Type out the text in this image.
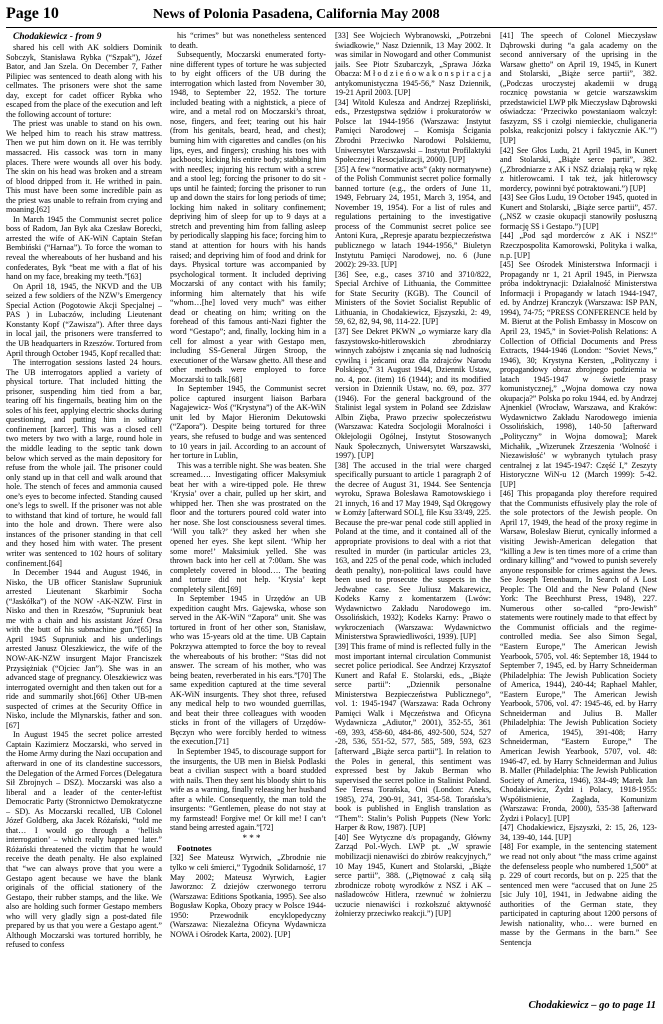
Page 10	News of Polonia Pasadena, California May 2008

Chodakiewicz - from 9

shared his cell with AK soldiers Dominik Sobczyk, Stanisława Rybka (“Szpak”), Józef Bator, and Jan Szela. On December 7, Father Pilipiec was sentenced to death along with his cellmates. The prisoners were shot the same day, except for cadet officer Rybka who escaped from the place of the execution and left the following account of torture:

The priest was unable to stand on his own. We helped him to reach his straw mattress. Then we put him down on it. He was terribly massacred. His cassock was torn in many places. There were wounds all over his body. The skin on his head was broken and a stream of blood dripped from it. He writhed in pain. This must have been some incredible pain as the priest was unable to refrain from crying and moaning.[62]

In March 1945 the Communist secret police boss of Radom, Jan Byk aka Czesław Borecki, arrested the wife of AK-WiN Captain Stefan Bembiński (“Harnaa”). To force the woman to reveal the whereabouts of her husband and his confederates, Byk “beat me with a flat of his hand on my face, breaking my teeth.”[63]

On April 18, 1945, the NKVD and the UB seized a few soldiers of the NZW’s Emergency Special Action (Pogotowie Akcji Specjalnej – PAS ) in Lubaczów, including Lieutenant Konstanty Kopf (“Zawisza”). After three days in local jail, the prisoners were transferred to the UB headquarters in Rzeszów. Tortured from April through October 1945, Kopf recalled that:

The interrogation sessions lasted 24 hours. The UB interrogators applied a variety of physical torture. That included hitting the prisoner, suspending him tied from a bar, tearing off his fingernails, beating him on the soles of his feet, applying electric shocks during questioning, and putting him in solitary confinement [karcer]. This was a closed cell two meters by two with a large, round hole in the middle leading to the septic tank down below which served as the main depository for refuse from the whole jail. The prisoner could only stand up in that cell and walk around that hole. The stench of feces and ammonia caused one’s eyes to become infected. Standing caused one’s legs to swell. If the prisoner was not able to withstand that kind of torture, he would fall into the hole and drown. There were also instances of the prisoner standing in that cell and they hosed him with water. The present writer was sentenced to 102 hours of solitary confinement.[64]

In December 1944 and August 1946, in Nisko, the UB officer Stanisław Supruniuk arrested Lieutenant Skarbimir Socha (“Jaskółka”) of the NOW -AK-NZW. First in Nisko and then in Rzeszów, “Supruniuk beat me with a chain and his assistant Józef Orsa with the butt of his submachine gun.”[65] In April 1945 Supruniuk and his underlings arrested Janusz Oleszkiewicz, the wife of the NOW-AK-NZW insurgent Major Franciszek Przysiężniak (“Ojciec Jan”). She was in an advanced stage of pregnancy. Oleszkiewicz was interrogated overnight and then taken out for a ride and summarily shot.[66] Other UB-men suspected of crimes at the Security Office in Nisko, include the Mlynarskis, father and son.[67]

In August 1945 the secret police arrested Captain Kazimierz Moczarski, who served in the Home Army during the Nazi occupation and afterward in one of its clandestine successors, the Delegation of the Armed Forces (Delegatura Sił Zbrojnych – DSZ). Moczarski was also a liberal and a leader of the center-leftist Democratic Party (Stronnictwo Demokratyczne – SD). As Moczarski recalled, UB Colonel Józef Goldberg, aka Jacek Różański, “told me that… I would go through a ‘hellish interrogation’ – which really happened later.” Różański threatened the victim that he would receive the death penalty. He also explained that “we can always prove that you were a Gestapo agent because we have the blank originals of the official stationery of the Gestapo, their rubber stamps, and the like. We also are holding such former Gestapo members who will very gladly sign a post-dated file prepared by us that you were a Gestapo agent.” Although Moczarski was tortured horribly, he refused to confess

his “crimes” but was nonetheless sentenced to death.

Subsequently, Moczarski enumerated forty-nine different types of torture he was subjected to by eight officers of the UB during the interrogation which lasted from November 30, 1948, to September 22, 1952. The torture included beating with a nightstick, a piece of wire, and a metal rod on Moczarski’s throat, nose, fingers, and feet; tearing out his hair (from his genitals, beard, head, and chest); burning him with cigarettes and candles (on his lips, eyes, and fingers); crushing his toes with jackboots; kicking his entire body; stabbing him with needles; injuring his rectum with a screw and a stool leg; forcing the prisoner to do sit -ups until he fainted; forcing the prisoner to run up and down the stairs for long periods of time; locking him naked in solitary confinement; depriving him of sleep for up to 9 days at a stretch and preventing him from falling asleep by periodically slapping his face; forcing him to stand at attention for hours with his hands raised; and depriving him of food and drink for days. Physical torture was accompanied by psychological torment. It included depriving Moczarski of any contact with his family; informing him alternately that his wife “whom…[he] loved very much” was either dead or cheating on him; writing on the forehead of this famous anti-Nazi fighter the word “Gestapo”; and, finally, locking him in a cell for almost a year with Gestapo men, including SS-General Jürgen Stroop, the executioner of the Warsaw ghetto. All these and other methods were employed to force Moczarski to talk.[68]

In September 1945, the Communist secret police captured insurgent liaison Barbara Nagajewicz- Woś (“Krystyna”) of the AK-WiN unit led by Major Hieronim Dekutowski (“Zapora”). Despite being tortured for three years, she refused to budge and was sentenced to 10 years in jail. According to an account of her torture in Lublin,

This was a terrible night. She was beaten. She screamed…. Investigating officer Maksymiuk beat her with a wire-tipped pole. He threw ‘Krysia’ over a chair, pulled up her skirt, and whipped her. Then she was prostrated on the floor and the torturers poured cold water into her nose. She lost consciousness several times. ‘Will you talk?’ they asked her when she opened her eyes. She kept silent. ‘Whip her some more!’ Maksimiuk yelled. She was thrown back into her cell at 7:00am. She was completely covered in blood…. The beating and torture did not help. ‘Krysia’ kept completely silent.[69]

In September 1945 in Urzędów an UB expedition caught Mrs. Gajewska, whose son served in the AK-WiN “Zapora” unit. She was tortured in front of her other son, Stanisław, who was 15-years old at the time. UB Captain Pokrzywa attempted to force the boy to reveal the whereabouts of his brother: “Stas did not answer. The scream of his mother, who was being beaten, reverberated in his ears.”[70] The same expedition captured at the time several AK-WiN insurgents. They shot three, refused any medical help to two wounded guerrillas, and beat their three colleagues with wooden sticks in front of the villagers of Urzędów-Bęczyn who were forcibly herded to witness the execution.[71]

In September 1945, to discourage support for the insurgents, the UB men in Bielsk Podlaski beat a civilian suspect with a board studded with nails. Then they sent his bloody shirt to his wife as a warning, finally releasing her husband after a while. Consequently, the man told the insurgents: “Gentlemen, please do not stay at my farmstead! Forgive me! Or kill me! I can’t stand being arrested again.”[72]

* * *

Footnotes

[32] See Mateusz Wyrwich, „Zbrodnie nie tylko w celi śmierci,” Tygodnik Solidarność, 17 May 2002; Mateusz Wyrwich, Łagier Jaworzno: Z dziejów czerwonego terroru (Warszawa: Editions Spotkania, 1995). See also Bogusław Kopka, Obozy pracy w Polsce 1944-1950: Przewodnik encyklopedyczny (Warszawa: Niezależna Oficyna Wydawnicza NOWA i Ośrodek Karta, 2002). [UP]

[33] See Wojciech Wybranowski, „Potrzebni świadkowie,” Nasz Dziennik, 13 May 2002. It was similar in Nowogard and other Communist jails. See Piotr Szubarczyk, „Sprawa Józka Obacza: M ł o d z i e ń o w a k o n s p i r a c j a antykomunistyczna 1945-56,” Nasz Dziennik, 19-21 April 2003. [UP]

[34] Witold Kulesza and Andrzej Rzepliński, eds., Przestępstwa sędziów i prokuratorów w Polsce lat 1944-1956 (Warszawa: Instytut Pamięci Narodowej – Komisja Ścigania Zbrodni Przeciwko Narodowi Polskiemu, Uniwersytet Warszawski – Instytut Profilaktyki Społecznej i Resocjalizacji, 2000). [UP]

[35] A few “normative acts” (akty normatywne) of the Polish Communist secret police formally banned torture (e.g., the orders of June 11, 1949, February 24, 1951, March 3, 1954, and November 19, 1954). For a list of rules and regulations pertaining to the investigative process of the Communist secret police see Antoni Kura, „Represje aparatu bezpieczeństwa publicznego w latach 1944-1956,” Biuletyn Instytutu Pamięci Narodowej, no. 6 (June 2002): 29-33. [UP]

[36] See, e.g., cases 3710 and 3710/822, Special Archive of Lithuania, the Committee for State Security (KGB). The Council of Ministers of the Soviet Socialist Republic of Lithuania, in Chodakiewicz, Ejszyszki, 2: 49, 59, 62, 82, 94, 98, 114-22. [UP]

[37] See Dekret PKWN „o wymiarze kary dla faszystowsko-hitlerowskich zbrodniarzy winnych zabójstw i znęcania się nad ludnością cywilną i jeńcami oraz dla zdrajców Narodu Polskiego,” 31 August 1944, Dziennik Ustaw, no. 4, poz. (item) 16 (1944); and its modified version in Dziennik Ustaw, no. 69, poz. 377 (1946). For the general background of the Stalinist legal system in Poland see Zdzisław Albin Zięba, Prawo przeciw społeczeństwu (Warszawa: Katedra Socjologii Moralności i Okłejologii Ogólnej, Instytut Stosowanych Nauk Społecznych, Uniwersytet Warszawski, 1997). [UP]

[38] The accused in the trial were charged specifically pursuant to article 1 paragraph 2 of the decree of August 31, 1944. See Sentencja wyroku, Sprawa Bolesława Ramotowskiego i 21 innych, 16 and 17 May 1949, Sąd Okręgowy w Łomży [afterward SOL], file Ksu 33/49, 225. Because the pre-war penal code still applied in Poland at the time, and it contained all of the appropriate provisions to deal with a riot that resulted in murder (in particular articles 23, 163, and 225 of the penal code, which included death penalty), non-political laws could have been used to prosecute the suspects in the Jedwabne case. See Juliusz Makarewicz, Kodeks Karny z komentarzem (Lwów: Wydawnictwo Zakładu Narodowego im. Ossolińskich, 1932); Kodeks Karny: Prawo o wykroczeniach (Warszawa: Wydawnictwo Ministerstwa Sprawiedliwości, 1939). [UP]

[39] This frame of mind is reflected fully in the most important internal circulation Communist secret police periodical. See Andrzej Krzysztof Kunert and Rafał E. Stolarski, eds., „Biąże serce partii”: „Dziennik personalne Ministerstwa Bezpieczeństwa Publicznego”, vol. 1: 1945-1947 (Warszawa: Rada Ochrony Pamięci Walk i Męczeństwa and Oficyna Wydawnicza „Adiutor,” 2001), 352-55, 361 -69, 393, 458-60, 484-86, 492-500, 524, 527 -28, 536, 551-52, 577, 585, 589, 593, 623 [afterward „Biąże serca partii”]. In relation to the Poles in general, this sentiment was expressed best by Jakub Berman who supervised the secret police in Stalinist Poland. See Teresa Torańska, Oni (London: Aneks, 1985), 274, 290-91, 341, 354-58. Torańska’s book is published in English translation as “Them”: Stalin’s Polish Puppets (New York: Harper & Row, 1987). [UP]

[40] See Wytyczne d/s propagandy, Główny Zarząd Pol.-Wych. LWP pt. „W sprawie mobilizacji nienawiści do zbirów reakcyjnych,” 10 May 1945, Kunert and Stolarski, „Biąże serce partii”, 388. („Piętnować z całą siłą zbrodnicze robotę wyrodków z NSZ i AK – naśladowców Hitlera, rzewnuć w żołnierzu uczucie nienawiści i rozkołszuć aktywność żołnierzy przeciwko reakcji.”) [UP]

[41] The speech of Colonel Mieczysław Dąbrowski during “a gala academy on the second anniversary of the uprising in the Warsaw ghetto” on April 19, 1945, in Kunert and Stolarski, „Biąże serce partii”, 382. („Podczas uroczystej akademii w drugą rocznicę powstania w getcie warszawskim przedstawiciel LWP płk Mieczysław Dąbrowski oświadcza: ‘Przeciwko powstaniaom walczył: faszyzm, SS i czołgi niemieckie, chuliganeria polska, reakcjonizi polscy i faktycznie AK.’”) [UP]

[42] See Głos Ludu, 21 April 1945, in Kunert and Stolarski, „Biąże serce partii”, 382. („Zbrodniarze z AK i NSZ działają ręką w rękę z hitlerowcami. I tak też, jak hitlerowscy mordercy, powinni być potraktowani.”) [UP]

[43] See Głos Ludu, 19 October 1945, quoted in Kunert and Stolarski, „Biąże serce partii”, 457. („NSZ w czasie okupacji stanowiły posłuszną formację SS i Gestapo.”) [UP]

[44] „Pod sąd morderców z AK i NSZ!” Rzeczpospolita Kamorowski, Polityka i walka, n.p. [UP]

[45] See Ośrodek Ministerstwa Informacji i Propagandy nr 1, 21 April 1945, in Pierwsza próba indoktrynacji: Działalność Ministerstwa Informacji i Propagandy w latach 1944-1947, ed. by Andrzej Kranczyk (Warszawa: ISP PAN, 1994), 74-75; “PRESS CONFERENCE held by M. Bierut at the Polish Embassy in Moscow on April 23, 1945,” in Soviet-Polish Relations: A Collection of Official Documents and Press Extracts, 1944-1946 (London: “Soviet News,” 1946), 30; Krystyna Kersten, „Polityczny i propagandowy obraz zbrojnego podziemia w latach 1945-1947 w świetle prasy komunistycznej,” „Wojna domowa czy nowa okupacja?” Polska po roku 1944, ed. by Andrzej Ajnenkiel (Wrocław, Warszawa, and Kraków: Wydawnictwo Zakładu Narodowego imienia Ossolińskich, 1998), 140-50 [afterward „Polityczny” in Wojna domowa]; Marek Michałik, „Wizerunek Zrzeszenia ‘Wolność i Niezawisłość’ w wybranych tytułach prasy centralnej z lat 1945-1947: Część I,” Zeszyty Historyczne WiN-u 12 (March 1999): 5-42. [UP]

[46] This propaganda ploy therefore required that the Communists effusively play the role of the sole protectors of the Jewish people. On April 17, 1949, the head of the proxy regime in Warsaw, Bolesław Bierut, cynically informed a visiting Jewish-American delegation that “killing a Jew is ten times more of a crime than ordinary killing” and “vowed to punish severely anyone responsible for crimes against the Jews. See Joseph Tenenbaum, In Search of A Lost People: The Old and the New Poland (New York: The Beechhurst Press, 1948), 227. Numerous other so-called “pro-Jewish” statements were routinely made to that effect by the Communist officials and the regime-controlled media. See also Simon Segal, “Eastern Europe,” The American Jewish Yearbook, 5705, vol. 46: September 18, 1944 to September 7, 1945, ed. by Harry Schneiderman (Philadelphia: The Jewish Publication Society of America, 1944), 240-44; Raphael Mahler, “Eastern Europe,” The American Jewish Yearbook, 5706, vol. 47: 1945-46, ed. by Harry Schneiderman and Julius B. Maller (Philadelphia: The Jewish Publication Society of America, 1945), 391-408; Harry Schneiderman, “Eastern Europe,” The American Jewish Yearbook, 5707, vol. 48: 1946-47, ed. by Harry Schneiderman and Julius B. Maller (Philadelphia: The Jewish Publication Society of America, 1946), 334-49; Marek Jan Chodakiewicz, Żydzi i Polacy, 1918-1955: Współistnienie, Zagłada, Komunizm (Warszawa: Fronda, 2000), 535-38 [afterward Żydzi i Polacy]. [UP]

[47] Chodakiewicz, Ejszyszki, 2: 15, 26, 123-34, 139-40, 144. [UP]

[48] For example, in the sentencing statement we read not only about “the mass crime against the defenseless people who numbered 1,500” at p. 229 of court records, but on p. 225 that the sentenced men were “accused that on June 25 [sic July 10], 1941, in Jedwabne aiding the authorities of the German state, they participated in capturing about 1200 persons of Jewish nationality, who… were burned en masse by the Germans in the barn.” See Sentencja

Chodakiewicz – go to page 11
